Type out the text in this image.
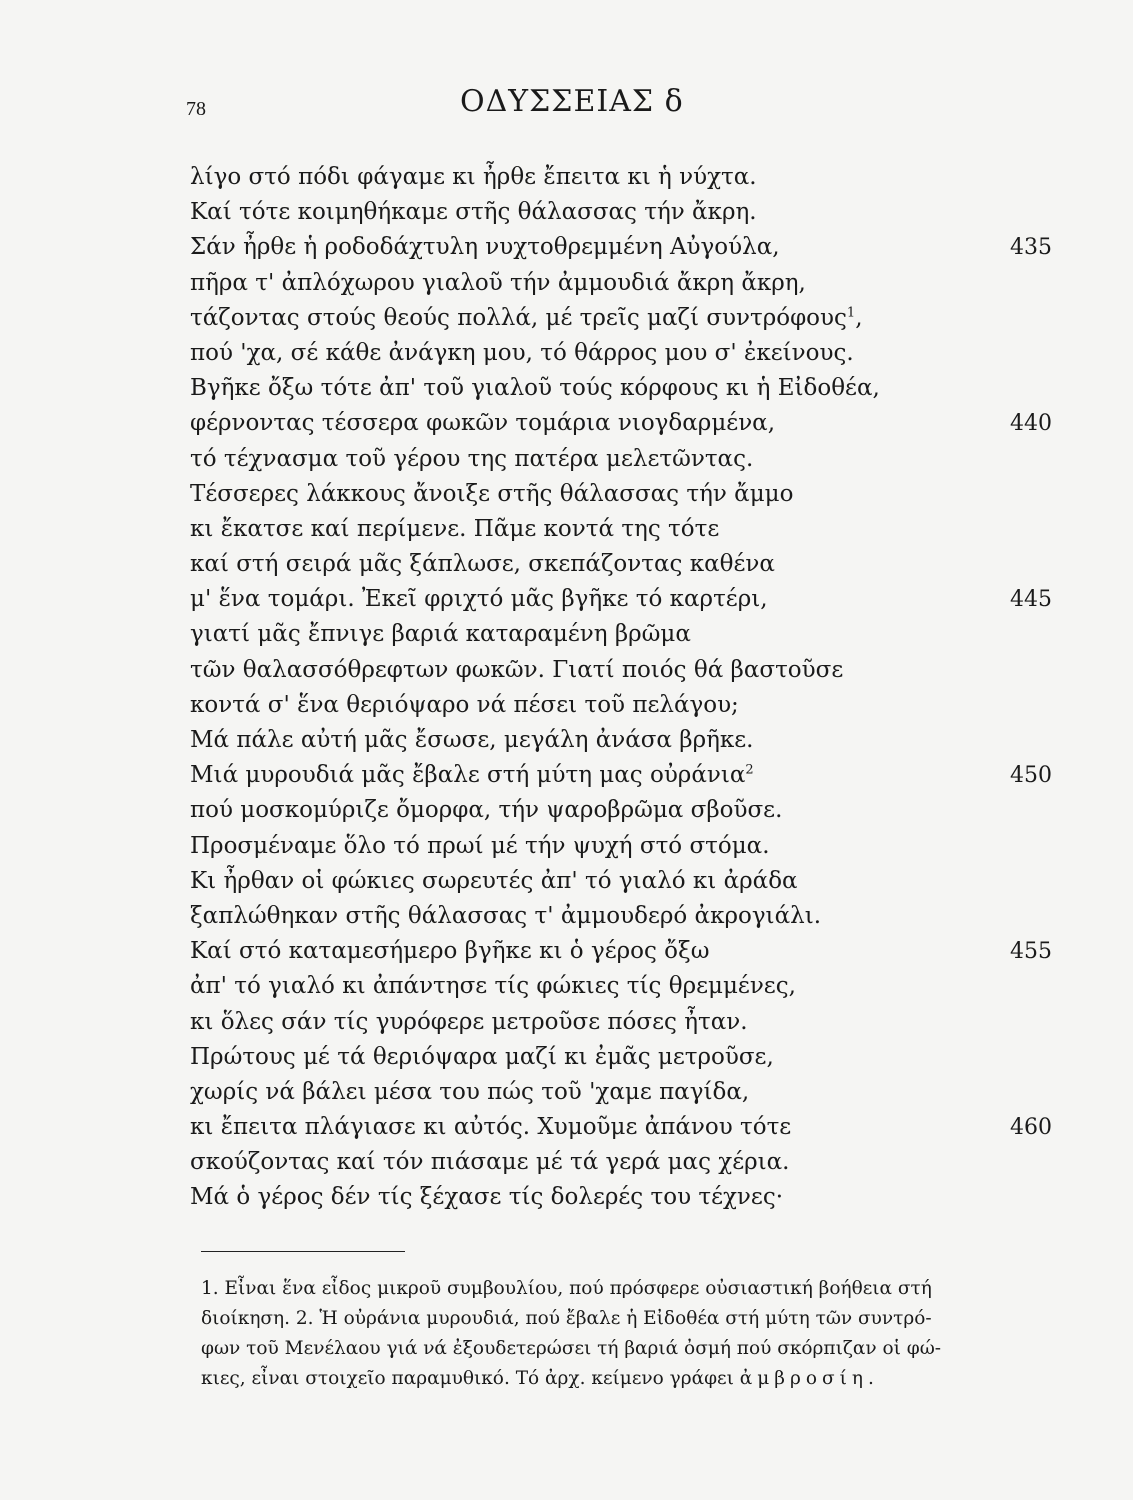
78	ΟΔΥΣΣΕΙΑΣ δ
λίγο στό πόδι φάγαμε κι ἦρθε ἔπειτα κι ἡ νύχτα.
Καί τότε κοιμηθήκαμε στῆς θάλασσας τήν ἄκρη.
Σάν ἦρθε ἡ ροδοδάχτυλη νυχτοθρεμμένη Αὐγούλα,	435
πῆρα τ' ἀπλόχωρου γιαλοῦ τήν ἀμμουδιά ἄκρη ἄκρη,
τάζοντας στούς θεούς πολλά, μέ τρεῖς μαζί συντρόφους$^1$,
πού 'χα, σέ κάθε ἀνάγκη μου, τό θάρρος μου σ' ἐκείνους.
Βγῆκε ὄξω τότε ἀπ' τοῦ γιαλοῦ τούς κόρφους κι ἡ Εἰδοθέα,
φέρνοντας τέσσερα φωκῶν τομάρια νιογδαρμένα,	440
τό τέχνασμα τοῦ γέρου της πατέρα μελετῶντας.
Τέσσερες λάκκους ἄνοιξε στῆς θάλασσας τήν ἄμμο
κι ἔκατσε καί περίμενε. Πᾶμε κοντά της τότε
καί στή σειρά μᾶς ξάπλωσε, σκεπάζοντας καθένα
μ' ἕνα τομάρι. Ἐκεῖ φριχτό μᾶς βγῆκε τό καρτέρι,	445
γιατί μᾶς ἔπνιγε βαριά καταραμένη βρῶμα
τῶν θαλασσόθρεφτων φωκῶν. Γιατί ποιός θά βαστοῦσε
κοντά σ' ἕνα θεριόψαρο νά πέσει τοῦ πελάγου;
Μά πάλε αὐτή μᾶς ἔσωσε, μεγάλη ἀνάσα βρῆκε.
Μιά μυρουδιά μᾶς ἔβαλε στή μύτη μας οὐράνια$^2$	450
πού μοσκομύριζε ὄμορφα, τήν ψαροβρῶμα σβοῦσε.
Προσμέναμε ὅλο τό πρωί μέ τήν ψυχή στό στόμα.
Κι ἦρθαν οἱ φώκιες σωρευτές ἀπ' τό γιαλό κι ἀράδα
ξαπλώθηκαν στῆς θάλασσας τ' ἀμμουδερό ἀκρογιάλι.
Καί στό καταμεσήμερο βγῆκε κι ὁ γέρος ὄξω	455
ἀπ' τό γιαλό κι ἀπάντησε τίς φώκιες τίς θρεμμένες,
κι ὅλες σάν τίς γυρόφερε μετροῦσε πόσες ἦταν.
Πρώτους μέ τά θεριόψαρα μαζί κι ἐμᾶς μετροῦσε,
χωρίς νά βάλει μέσα του πώς τοῦ 'χαμε παγίδα,
κι ἔπειτα πλάγιασε κι αὐτός. Χυμοῦμε ἀπάνου τότε	460
σκούζοντας καί τόν πιάσαμε μέ τά γερά μας χέρια.
Μά ὁ γέρος δέν τίς ξέχασε τίς δολερές του τέχνες·
1. Εἶναι ἕνα εἶδος μικροῦ συμβουλίου, πού πρόσφερε οὐσιαστική βοήθεια στή
διοίκηση. 2. Ἡ οὐράνια μυρουδιά, πού ἔβαλε ἡ Εἰδοθέα στή μύτη τῶν συντρό-
φων τοῦ Μενέλαου γιά νά ἐξουδετερώσει τή βαριά ὀσμή πού σκόρπιζαν οἱ φώ-
κιες, εἶναι στοιχεῖο παραμυθικό. Τό ἀρχ. κείμενο γράφει ἀμβροσίη.
